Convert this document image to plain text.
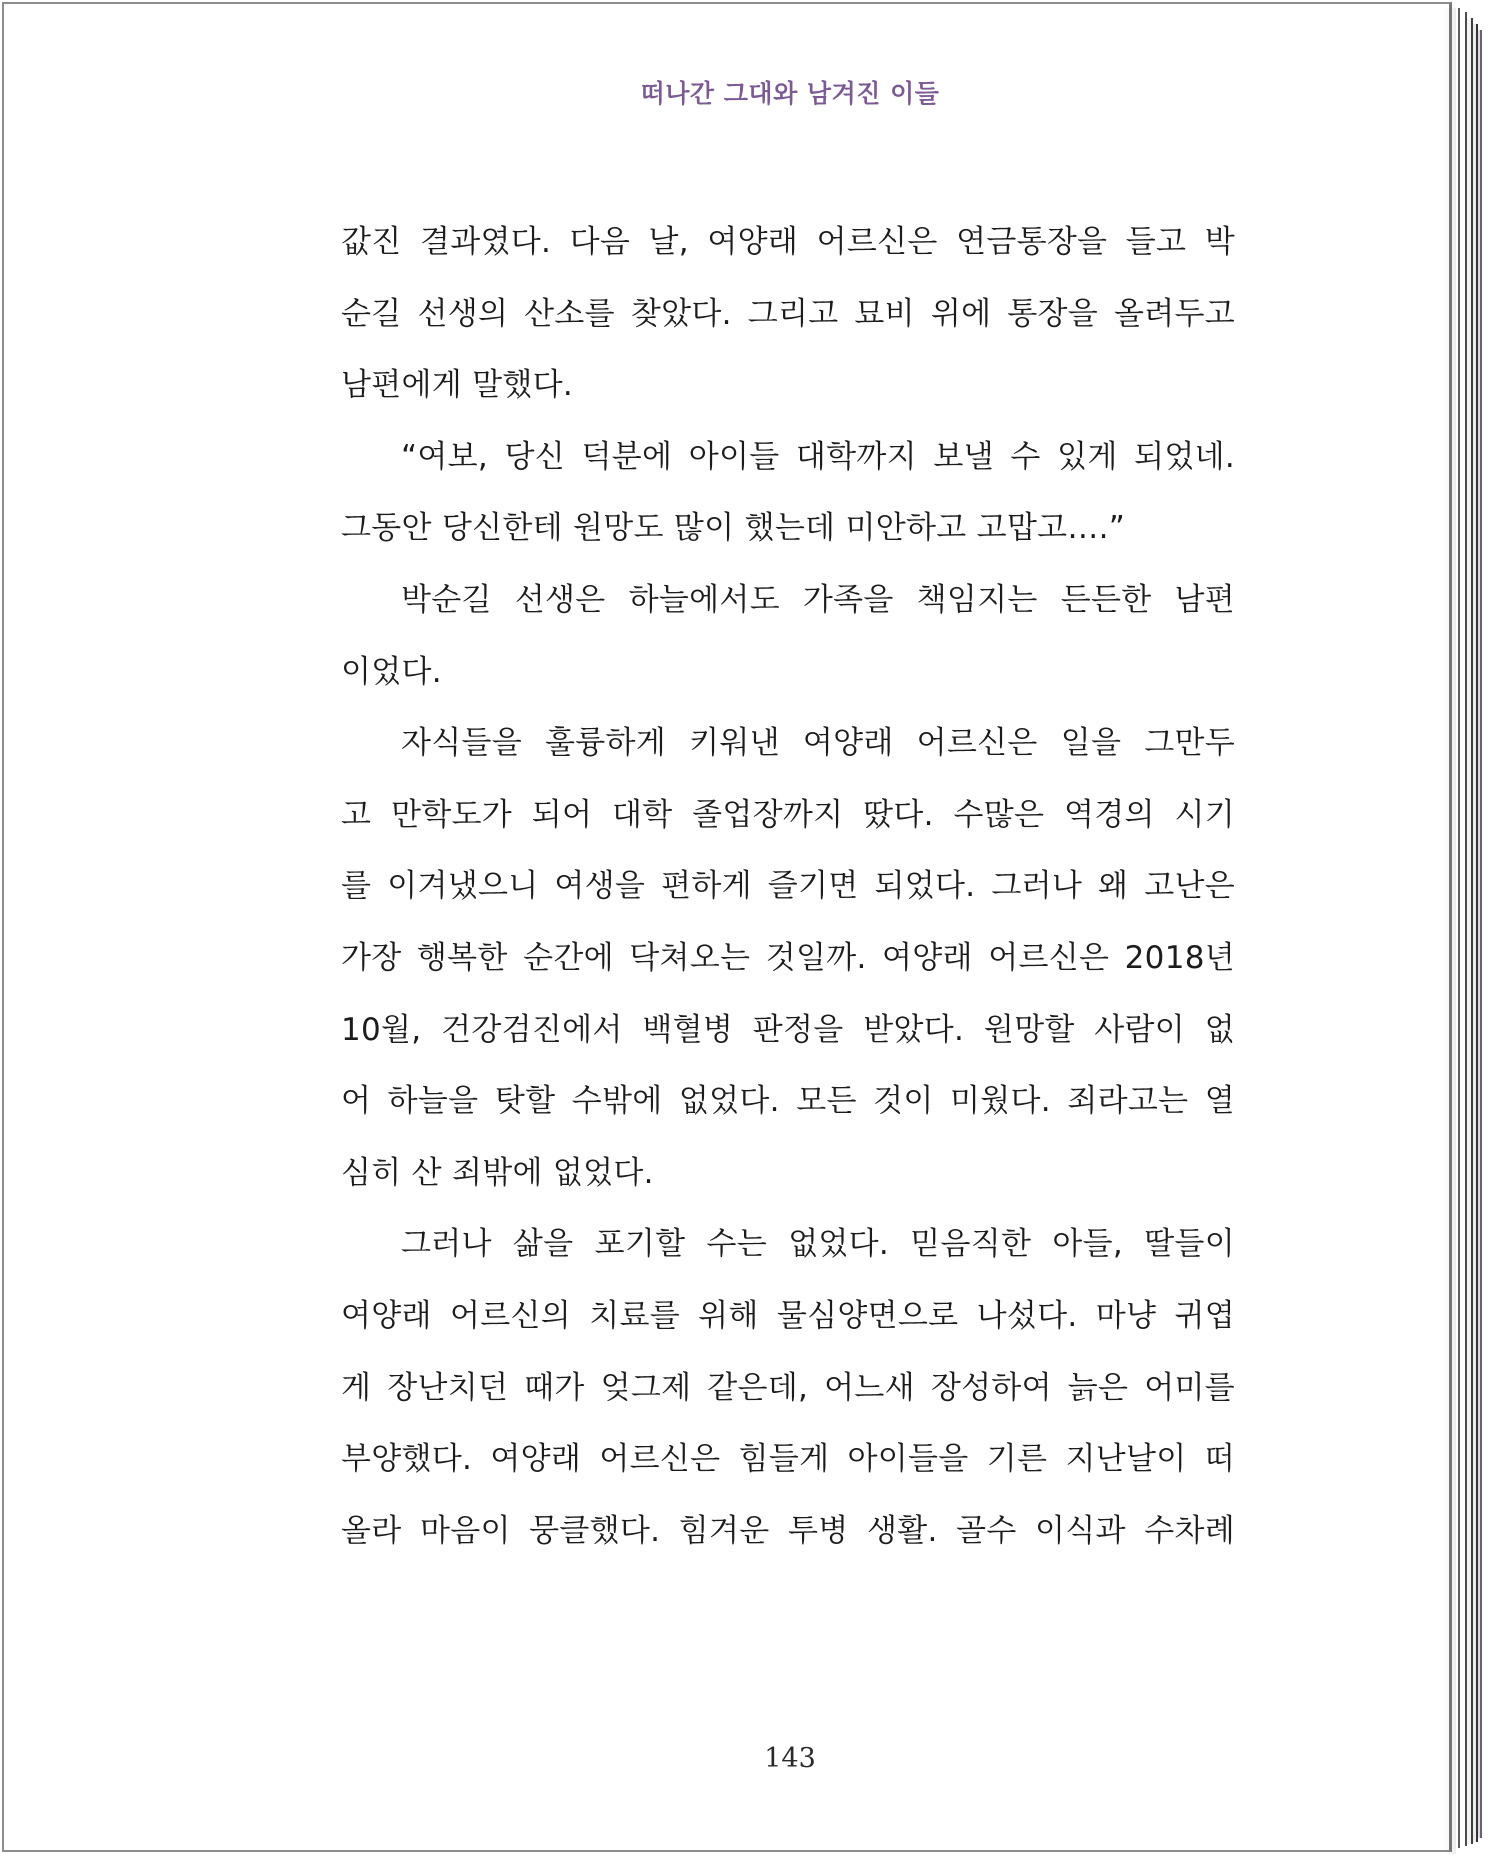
떠나간 그대와 남겨진 이들
값진 결과였다. 다음 날, 여양래 어르신은 연금통장을 들고 박
순길 선생의 산소를 찾았다. 그리고 묘비 위에 통장을 올려두고
남편에게 말했다.
“여보, 당신 덕분에 아이들 대학까지 보낼 수 있게 되었네.
그동안 당신한테 원망도 많이 했는데 미안하고 고맙고….”
박순길 선생은 하늘에서도 가족을 책임지는 든든한 남편
이었다.
자식들을 훌륭하게 키워낸 여양래 어르신은 일을 그만두
고 만학도가 되어 대학 졸업장까지 땄다. 수많은 역경의 시기
를 이겨냈으니 여생을 편하게 즐기면 되었다. 그러나 왜 고난은
가장 행복한 순간에 닥쳐오는 것일까. 여양래 어르신은 2018년
10월, 건강검진에서 백혈병 판정을 받았다. 원망할 사람이 없
어 하늘을 탓할 수밖에 없었다. 모든 것이 미웠다. 죄라고는 열
심히 산 죄밖에 없었다.
그러나 삶을 포기할 수는 없었다. 믿음직한 아들, 딸들이
여양래 어르신의 치료를 위해 물심양면으로 나섰다. 마냥 귀엽
게 장난치던 때가 엊그제 같은데, 어느새 장성하여 늙은 어미를
부양했다. 여양래 어르신은 힘들게 아이들을 기른 지난날이 떠
올라 마음이 뭉클했다. 힘겨운 투병 생활. 골수 이식과 수차례
143
